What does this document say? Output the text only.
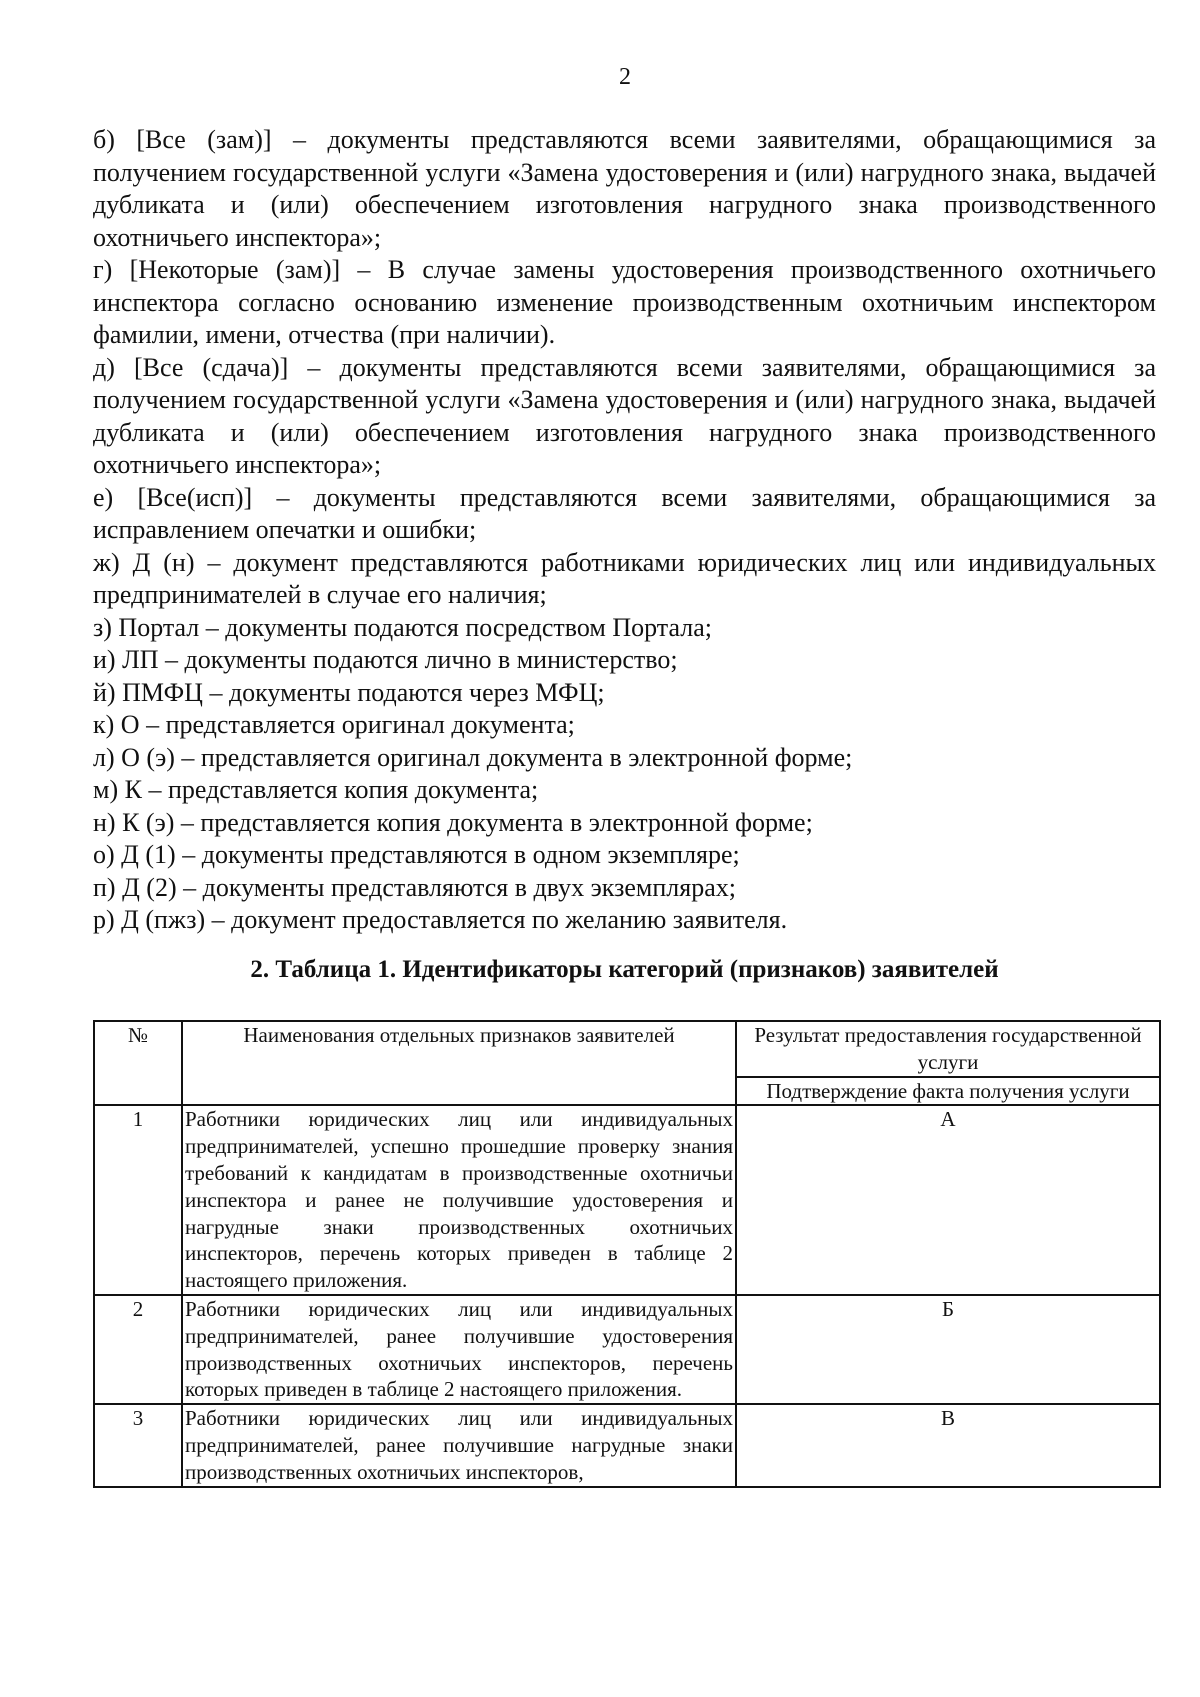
2

б) [Все (зам)] – документы представляются всеми заявителями, обращающимися за получением государственной услуги «Замена удостоверения и (или) нагрудного знака, выдачей дубликата и (или) обеспечением изготовления нагрудного знака производственного охотничьего инспектора»;

г) [Некоторые (зам)] – В случае замены удостоверения производственного охотничьего инспектора согласно основанию изменение производственным охотничьим инспектором фамилии, имени, отчества (при наличии).

д) [Все (сдача)] – документы представляются всеми заявителями, обращающимися за получением государственной услуги «Замена удостоверения и (или) нагрудного знака, выдачей дубликата и (или) обеспечением изготовления нагрудного знака производственного охотничьего инспектора»;

е) [Все(исп)] – документы представляются всеми заявителями, обращающимися за исправлением опечатки и ошибки;

ж) Д (н) – документ представляются работниками юридических лиц или индивидуальных предпринимателей в случае его наличия;

з) Портал – документы подаются посредством Портала;

и) ЛП – документы подаются лично в министерство;

й) ПМФЦ – документы подаются через МФЦ;

к) О – представляется оригинал документа;

л) О (э) – представляется оригинал документа в электронной форме;

м) К – представляется копия документа;

н) К (э) – представляется копия документа в электронной форме;

о) Д (1) – документы представляются в одном экземпляре;

п) Д (2) – документы представляются в двух экземплярах;

р) Д (пжз) – документ предоставляется по желанию заявителя.

2. Таблица 1. Идентификаторы категорий (признаков) заявителей
№	Наименования отдельных признаков заявителей	Результат предоставления государственной услуги
		Подтверждение факта получения услуги
1	Работники юридических лиц или индивидуальных предпринимателей, успешно прошедшие проверку знания требований к кандидатам в производственные охотничьи инспектора и ранее не получившие удостоверения и нагрудные знаки производственных охотничьих инспекторов, перечень которых приведен в таблице 2 настоящего приложения.	А
2	Работники юридических лиц или индивидуальных предпринимателей, ранее получившие удостоверения производственных охотничьих инспекторов, перечень которых приведен в таблице 2 настоящего приложения.	Б
3	Работники юридических лиц или индивидуальных предпринимателей, ранее получившие нагрудные знаки производственных охотничьих инспекторов,	В
